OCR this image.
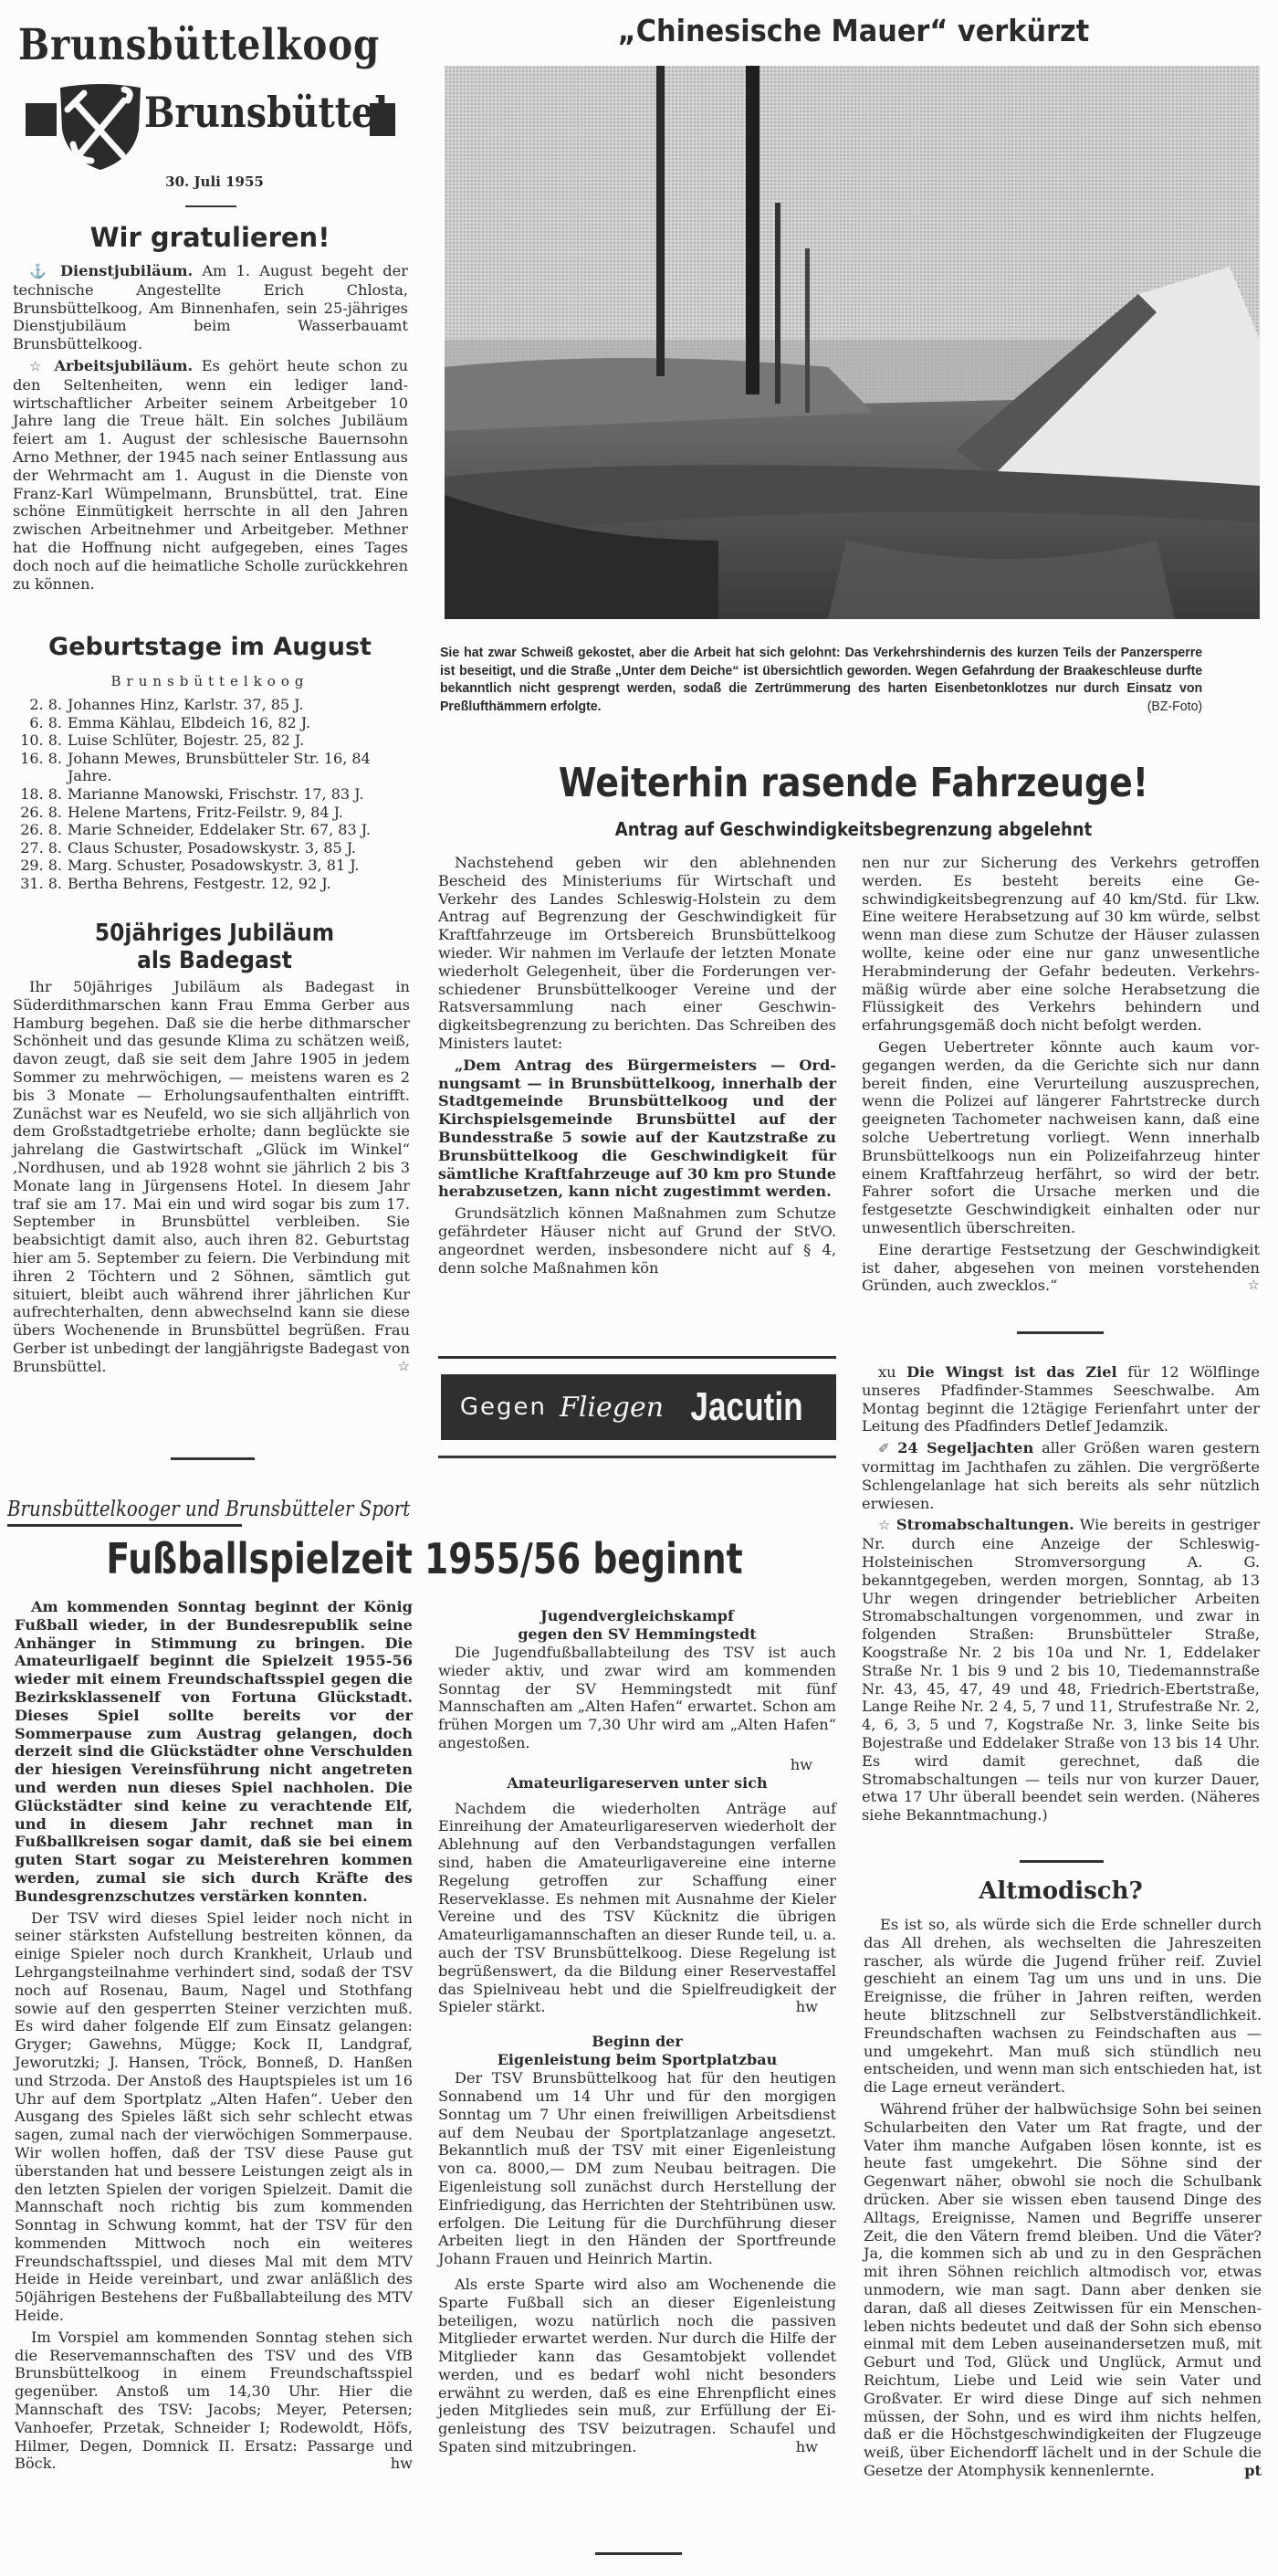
Brunsbüttelkoog
Brunsbüttel
30. Juli 1955
Wir gratulieren!

⚓ Dienstjubiläum. Am 1. August begeht der technische Angestellte Erich Chlosta, Brunsbüttelkoog, Am Binnenhafen, sein 25-jähriges Dienstjubiläum beim Wasserbauamt Brunsbüttelkoog.

☆ Arbeitsjubiläum. Es gehört heute schon zu den Seltenheiten, wenn ein lediger landwirtschaftlicher Arbeiter seinem Arbeitgeber 10 Jahre lang die Treue hält. Ein solches Jubiläum feiert am 1. August der schlesische Bauernsohn Arno Methner, der 1945 nach seiner Entlassung aus der Wehrmacht am 1. August in die Dienste von Franz-Karl Wümpelmann, Brunsbüttel, trat. Eine schöne Einmütigkeit herrschte in all den Jahren zwischen Arbeitnehmer und Arbeitgeber. Methner hat die Hoffnung nicht aufgegeben, eines Tages doch noch auf die heimatliche Scholle zurückkehren zu können.

Geburtstage im August
Brunsbüttelkoog
2. 8. Johannes Hinz, Karlstr. 37, 85 J.
6. 8. Emma Kählau, Elbdeich 16, 82 J.
10. 8. Luise Schlüter, Bojestr. 25, 82 J.
16. 8. Johann Mewes, Brunsbütteler Str. 16, 84 Jahre.
18. 8. Marianne Manowski, Frischstr. 17, 83 J.
26. 8. Helene Martens, Fritz-Feilstr. 9, 84 J.
26. 8. Marie Schneider, Eddelaker Str. 67, 83 J.
27. 8. Claus Schuster, Posadowskystr. 3, 85 J.
29. 8. Marg. Schuster, Posadowskystr. 3, 81 J.
31. 8. Bertha Behrens, Festgestr. 12, 92 J.
50jähriges Jubiläum
als Badegast

Ihr 50jähriges Jubiläum als Badegast in Süderdithmarschen kann Frau Emma Gerber aus Hamburg begehen. Daß sie die herbe dithmarscher Schönheit und das gesunde Klima zu schätzen weiß, davon zeugt, daß sie seit dem Jahre 1905 in jedem Sommer zu mehrwöchigen, — meistens waren es 2 bis 3 Monate — Erholungsaufenthalten eintrifft. Zunächst war es Neufeld, wo sie sich alljährlich von dem Großstadtgetriebe erholte; dann beglückte sie jahrelang die Gastwirtschaft „Glück im Winkel“ ‚Nordhusen, und ab 1928 wohnt sie jährlich 2 bis 3 Monate lang in Jürgensens Hotel. In diesem Jahr traf sie am 17. Mai ein und wird sogar bis zum 17. September in Brunsbüttel verbleiben. Sie beabsichtigt damit also, auch ihren 82. Geburtstag hier am 5. September zu feiern. Die Verbindung mit ihren 2 Töchtern und 2 Söhnen, sämtlich gut situiert, bleibt auch während ihrer jährlichen Kur aufrechterhalten, denn abwechselnd kann sie diese übers Wochenende in Brunsbüttel begrüßen. Frau Gerber ist unbedingt der langjährigste Badegast von Brunsbüttel.	☆

„Chinesische Mauer“ verkürzt
Sie hat zwar Schweiß gekostet, aber die Arbeit hat sich gelohnt: Das Verkehrshindernis des kurzen Teils der Panzersperre ist beseitigt, und die Straße „Unter dem Deiche“ ist übersichtlich geworden. Wegen Gefahrdung der Braakeschleuse durfte bekanntlich nicht gesprengt werden, sodaß die Zertrümmerung des harten Eisenbetonklotzes nur durch Einsatz von Preßlufthämmern erfolgte.	(BZ-Foto)
Weiterhin rasende Fahrzeuge!
Antrag auf Geschwindigkeitsbegrenzung abgelehnt

Nachstehend geben wir den ablehnenden Bescheid des Ministeriums für Wirtschaft und Verkehr des Landes Schleswig-Holstein zu dem Antrag auf Begrenzung der Geschwindigkeit für Kraftfahrzeuge im Ortsbereich Brunsbüttelkoog wieder. Wir nahmen im Verlaufe der letzten Monate wiederholt Gelegenheit, über die Forderungen verschiedener Brunsbüttelkooger Vereine und der Ratsversammlung nach einer Geschwindigkeitsbegrenzung zu berichten. Das Schreiben des Ministers lautet:

„Dem Antrag des Bürgermeisters — Ordnungsamt — in Brunsbüttelkoog, innerhalb der Stadtgemeinde Brunsbüttelkoog und der Kirchspielsgemeinde Brunsbüttel auf der Bundesstraße 5 sowie auf der Kautzstraße zu Brunsbüttelkoog die Geschwindigkeit für sämtliche Kraftfahrzeuge auf 30 km pro Stunde herabzusetzen, kann nicht zugestimmt werden.

Grundsätzlich können Maßnahmen zum Schutze gefährdeter Häuser nicht auf Grund der StVO. angeordnet werden, insbesondere nicht auf § 4, denn solche Maßnahmen kön

nen nur zur Sicherung des Verkehrs getroffen werden. Es besteht bereits eine Geschwindigkeitsbegrenzung auf 40 km/Std. für Lkw. Eine weitere Herabsetzung auf 30 km würde, selbst wenn man diese zum Schutze der Häuser zulassen wollte, keine oder eine nur ganz unwesentliche Herabminderung der Gefahr bedeuten. Verkehrsmäßig würde aber eine solche Herabsetzung die Flüssigkeit des Verkehrs behindern und erfahrungsgemäß doch nicht befolgt werden.

Gegen Uebertreter könnte auch kaum vorgegangen werden, da die Gerichte sich nur dann bereit finden, eine Verurteilung auszusprechen, wenn die Polizei auf längerer Fahrtstrecke durch geeigneten Tachometer nachweisen kann, daß eine solche Uebertretung vorliegt. Wenn innerhalb Brunsbüttelkoogs nun ein Polizeifahrzeug hinter einem Kraftfahrzeug herfährt, so wird der betr. Fahrer sofort die Ursache merken und die festgesetzte Geschwindigkeit einhalten oder nur unwesentlich überschreiten.

Eine derartige Festsetzung der Geschwindigkeit ist daher, abgesehen von meinen vorstehenden Gründen, auch zwecklos.“	☆

Gegen Fliegen Jacutin

xu Die Wingst ist das Ziel für 12 Wölflinge unseres Pfadfinder-Stammes Seeschwalbe. Am Montag beginnt die 12tägige Ferienfahrt unter der Leitung des Pfadfinders Detlef Jedamzik.

✐ 24 Segeljachten aller Größen waren gestern vormittag im Jachthafen zu zählen. Die vergrößerte Schlengelanlage hat sich bereits als sehr nützlich erwiesen.

☆ Stromabschaltungen. Wie bereits in gestriger Nr. durch eine Anzeige der Schleswig-Holsteinischen Stromversorgung A. G. bekanntgegeben, werden morgen, Sonntag, ab 13 Uhr wegen dringender betrieblicher Arbeiten Stromabschaltungen vorgenommen, und zwar in folgenden Straßen: Brunsbütteler Straße, Koogstraße Nr. 2 bis 10a und Nr. 1, Eddelaker Straße Nr. 1 bis 9 und 2 bis 10, Tiedemannstraße Nr. 43, 45, 47, 49 und 48, Friedrich-Ebertstraße, Lange Reihe Nr. 2 4, 5, 7 und 11, Strufestraße Nr. 2, 4, 6, 3, 5 und 7, Kogstraße Nr. 3, linke Seite bis Bojestraße und Eddelaker Straße von 13 bis 14 Uhr. Es wird damit gerechnet, daß die Stromabschaltungen — teils nur von kurzer Dauer, etwa 17 Uhr überall beendet sein werden. (Näheres siehe Bekanntmachung.)

Altmodisch?

Es ist so, als würde sich die Erde schneller durch das All drehen, als wechselten die Jahreszeiten rascher, als würde die Jugend früher reif. Zuviel geschieht an einem Tag um uns und in uns. Die Ereignisse, die früher in Jahren reiften, werden heute blitzschnell zur Selbstverständlichkeit. Freundschaften wachsen zu Feindschaften aus — und umgekehrt. Man muß sich stündlich neu entscheiden, und wenn man sich entschieden hat, ist die Lage erneut verändert.

Während früher der halbwüchsige Sohn bei seinen Schularbeiten den Vater um Rat fragte, und der Vater ihm manche Aufgaben lösen konnte, ist es heute fast umgekehrt. Die Söhne sind der Gegenwart näher, obwohl sie noch die Schulbank drücken. Aber sie wissen eben tausend Dinge des Alltags, Ereignisse, Namen und Begriffe unserer Zeit, die den Vätern fremd bleiben. Und die Väter? Ja, die kommen sich ab und zu in den Gesprächen mit ihren Söhnen reichlich altmodisch vor, etwas unmodern, wie man sagt. Dann aber denken sie daran, daß all dieses Zeitwissen für ein Menschenleben nichts bedeutet und daß der Sohn sich ebenso einmal mit dem Leben auseinandersetzen muß, mit Geburt und Tod, Glück und Unglück, Armut und Reichtum, Liebe und Leid wie sein Vater und Großvater. Er wird diese Dinge auf sich nehmen müssen, der Sohn, und es wird ihm nichts helfen, daß er die Höchstgeschwindigkeiten der Flugzeuge weiß, über Eichendorff lächelt und in der Schule die Gesetze der Atomphysik kennenlernte.	pt

Brunsbüttelkooger und Brunsbütteler Sport
Fußballspielzeit 1955/56 beginnt

Am kommenden Sonntag beginnt der König Fußball wieder, in der Bundesrepublik seine Anhänger in Stimmung zu bringen. Die Amateurligaelf beginnt die Spielzeit 1955-56 wieder mit einem Freundschaftsspiel gegen die Bezirksklassenelf von Fortuna Glückstadt. Dieses Spiel sollte bereits vor der Sommerpause zum Austrag gelangen, doch derzeit sind die Glückstädter ohne Verschulden der hiesigen Vereinsführung nicht angetreten und werden nun dieses Spiel nachholen. Die Glückstädter sind keine zu verachtende Elf, und in diesem Jahr rechnet man in Fußballkreisen sogar damit, daß sie bei einem guten Start sogar zu Meisterehren kommen werden, zumal sie sich durch Kräfte des Bundesgrenzschutzes verstärken konnten.

Der TSV wird dieses Spiel leider noch nicht in seiner stärksten Aufstellung bestreiten können, da einige Spieler noch durch Krankheit, Urlaub und Lehrgangsteilnahme verhindert sind, sodaß der TSV noch auf Rosenau, Baum, Nagel und Stothfang sowie auf den gesperrten Steiner verzichten muß. Es wird daher folgende Elf zum Einsatz gelangen: Gryger; Gawehns, Mügge; Kock II, Landgraf, Jeworutzki; J. Hansen, Tröck, Bonneß, D. Hanßen und Strzoda. Der Anstoß des Hauptspieles ist um 16 Uhr auf dem Sportplatz „Alten Hafen“. Ueber den Ausgang des Spieles läßt sich sehr schlecht etwas sagen, zumal nach der vierwöchigen Sommerpause. Wir wollen hoffen, daß der TSV diese Pause gut überstanden hat und bessere Leistungen zeigt als in den letzten Spielen der vorigen Spielzeit. Damit die Mannschaft noch richtig bis zum kommenden Sonntag in Schwung kommt, hat der TSV für den kommenden Mittwoch noch ein weiteres Freundschaftsspiel, und dieses Mal mit dem MTV Heide in Heide vereinbart, und zwar anläßlich des 50jährigen Bestehens der Fußballabteilung des MTV Heide.

Im Vorspiel am kommenden Sonntag stehen sich die Reservemannschaften des TSV und des VfB Brunsbüttelkoog in einem Freundschaftsspiel gegenüber. Anstoß um 14,30 Uhr. Hier die Mannschaft des TSV: Jacobs; Meyer, Petersen; Vanhoefer, Przetak, Schneider I; Rodewoldt, Höfs, Hilmer, Degen, Domnick II. Ersatz: Passarge und Böck.	hw

Jugendvergleichskampf
gegen den SV Hemmingstedt

Die Jugendfußballabteilung des TSV ist auch wieder aktiv, und zwar wird am kommenden Sonntag der SV Hemmingstedt mit fünf Mannschaften am „Alten Hafen“ erwartet. Schon am frühen Morgen um 7,30 Uhr wird am „Alten Hafen“ angestoßen.

hw
Amateurligareserven unter sich

Nachdem die wiederholten Anträge auf Einreihung der Amateurligareserven wiederholt der Ablehnung auf den Verbandstagungen verfallen sind, haben die Amateurligavereine eine interne Regelung getroffen zur Schaffung einer Reserveklasse. Es nehmen mit Ausnahme der Kieler Vereine und des TSV Kücknitz die übrigen Amateurligamannschaften an dieser Runde teil, u. a. auch der TSV Brunsbüttelkoog. Diese Regelung ist begrüßenswert, da die Bildung einer Reservestaffel das Spielniveau hebt und die Spielfreudigkeit der Spieler stärkt.	hw

Beginn der
Eigenleistung beim Sportplatzbau

Der TSV Brunsbüttelkoog hat für den heutigen Sonnabend um 14 Uhr und für den morgigen Sonntag um 7 Uhr einen freiwilligen Arbeitsdienst auf dem Neubau der Sportplatzanlage angesetzt. Bekanntlich muß der TSV mit einer Eigenleistung von ca. 8000,— DM zum Neubau beitragen. Die Eigenleistung soll zunächst durch Herstellung der Einfriedigung, das Herrichten der Stehtribünen usw. erfolgen. Die Leitung für die Durchführung dieser Arbeiten liegt in den Händen der Sportfreunde Johann Frauen und Heinrich Martin.

Als erste Sparte wird also am Wochenende die Sparte Fußball sich an dieser Eigenleistung beteiligen, wozu natürlich noch die passiven Mitglieder erwartet werden. Nur durch die Hilfe der Mitglieder kann das Gesamtobjekt vollendet werden, und es bedarf wohl nicht besonders erwähnt zu werden, daß es eine Ehrenpflicht eines jeden Mitgliedes sein muß, zur Erfüllung der Eigenleistung des TSV beizutragen. Schaufel und Spaten sind mitzubringen.	hw
